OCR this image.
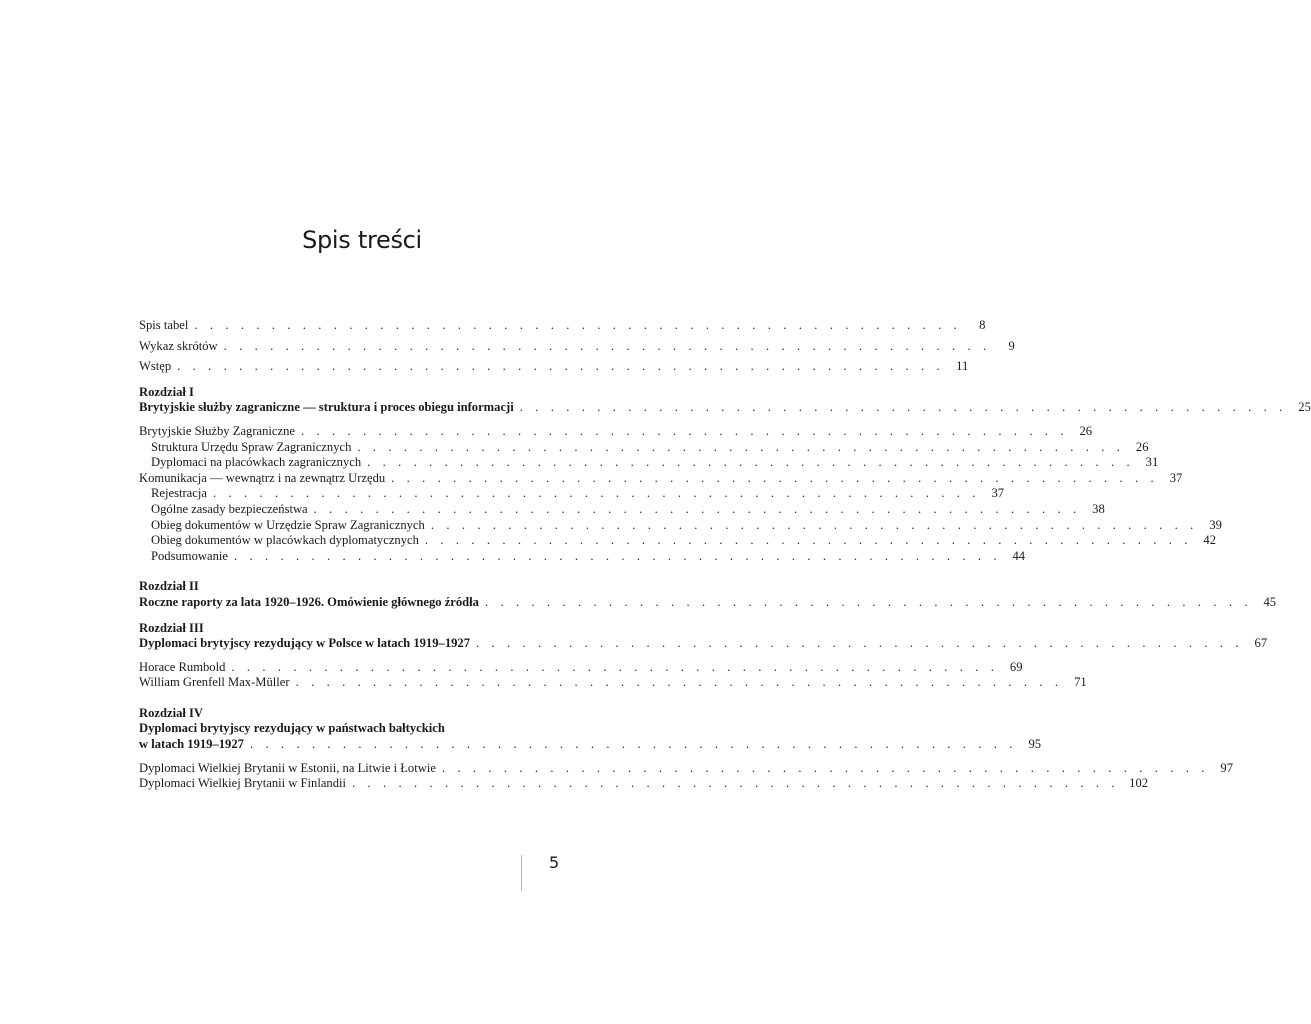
Spis treści
Spis tabel . . . . . . . . . . . . . . . . . . . . . . . . . . . . . . . . . . . . . . . . . . . . . . . . . .	8
Wykaz skrótów . . . . . . . . . . . . . . . . . . . . . . . . . . . . . . . . . . . . . . . . . . . . . . . . . .	9
Wstęp . . . . . . . . . . . . . . . . . . . . . . . . . . . . . . . . . . . . . . . . . . . . . . . . . . 11
Rozdział I
Brytyjskie służby zagraniczne — struktura i proces obiegu informacji . . . . . . . . . . . . . . . . . . . . . . . . . . . . . . . . . . . . . . . . . . . . . . . . . . 25
Brytyjskie Służby Zagraniczne . . . . . . . . . . . . . . . . . . . . . . . . . . . . . . . . . . . . . . . . . . . . . . . . . . 26
Struktura Urzędu Spraw Zagranicznych . . . . . . . . . . . . . . . . . . . . . . . . . . . . . . . . . . . . . . . . . . . . . . . . . . 26
Dyplomaci na placówkach zagranicznych . . . . . . . . . . . . . . . . . . . . . . . . . . . . . . . . . . . . . . . . . . . . . . . . . . 31
Komunikacja — wewnątrz i na zewnątrz Urzędu . . . . . . . . . . . . . . . . . . . . . . . . . . . . . . . . . . . . . . . . . . . . . . . . . . 37
Rejestracja . . . . . . . . . . . . . . . . . . . . . . . . . . . . . . . . . . . . . . . . . . . . . . . . . . 37
Ogólne zasady bezpieczeństwa . . . . . . . . . . . . . . . . . . . . . . . . . . . . . . . . . . . . . . . . . . . . . . . . . . 38
Obieg dokumentów w Urzędzie Spraw Zagranicznych . . . . . . . . . . . . . . . . . . . . . . . . . . . . . . . . . . . . . . . . . . . . . . . . . . 39
Obieg dokumentów w placówkach dyplomatycznych . . . . . . . . . . . . . . . . . . . . . . . . . . . . . . . . . . . . . . . . . . . . . . . . . . 42
Podsumowanie . . . . . . . . . . . . . . . . . . . . . . . . . . . . . . . . . . . . . . . . . . . . . . . . . . 44
Rozdział II
Roczne raporty za lata 1920–1926. Omówienie głównego źródła . . . . . . . . . . . . . . . . . . . . . . . . . . . . . . . . . . . . . . . . . . . . . . . . . . 45
Rozdział III
Dyplomaci brytyjscy rezydujący w Polsce w latach 1919–1927 . . . . . . . . . . . . . . . . . . . . . . . . . . . . . . . . . . . . . . . . . . . . . . . . . . 67
Horace Rumbold . . . . . . . . . . . . . . . . . . . . . . . . . . . . . . . . . . . . . . . . . . . . . . . . . . 69
William Grenfell Max-Müller . . . . . . . . . . . . . . . . . . . . . . . . . . . . . . . . . . . . . . . . . . . . . . . . . . 71
Rozdział IV
Dyplomaci brytyjscy rezydujący w państwach bałtyckich
w latach 1919–1927 . . . . . . . . . . . . . . . . . . . . . . . . . . . . . . . . . . . . . . . . . . . . . . . . . . 95
Dyplomaci Wielkiej Brytanii w Estonii, na Litwie i Łotwie . . . . . . . . . . . . . . . . . . . . . . . . . . . . . . . . . . . . . . . . . . . . . . . . . . 97
Dyplomaci Wielkiej Brytanii w Finlandii . . . . . . . . . . . . . . . . . . . . . . . . . . . . . . . . . . . . . . . . . . . . . . . . . . 102
5
